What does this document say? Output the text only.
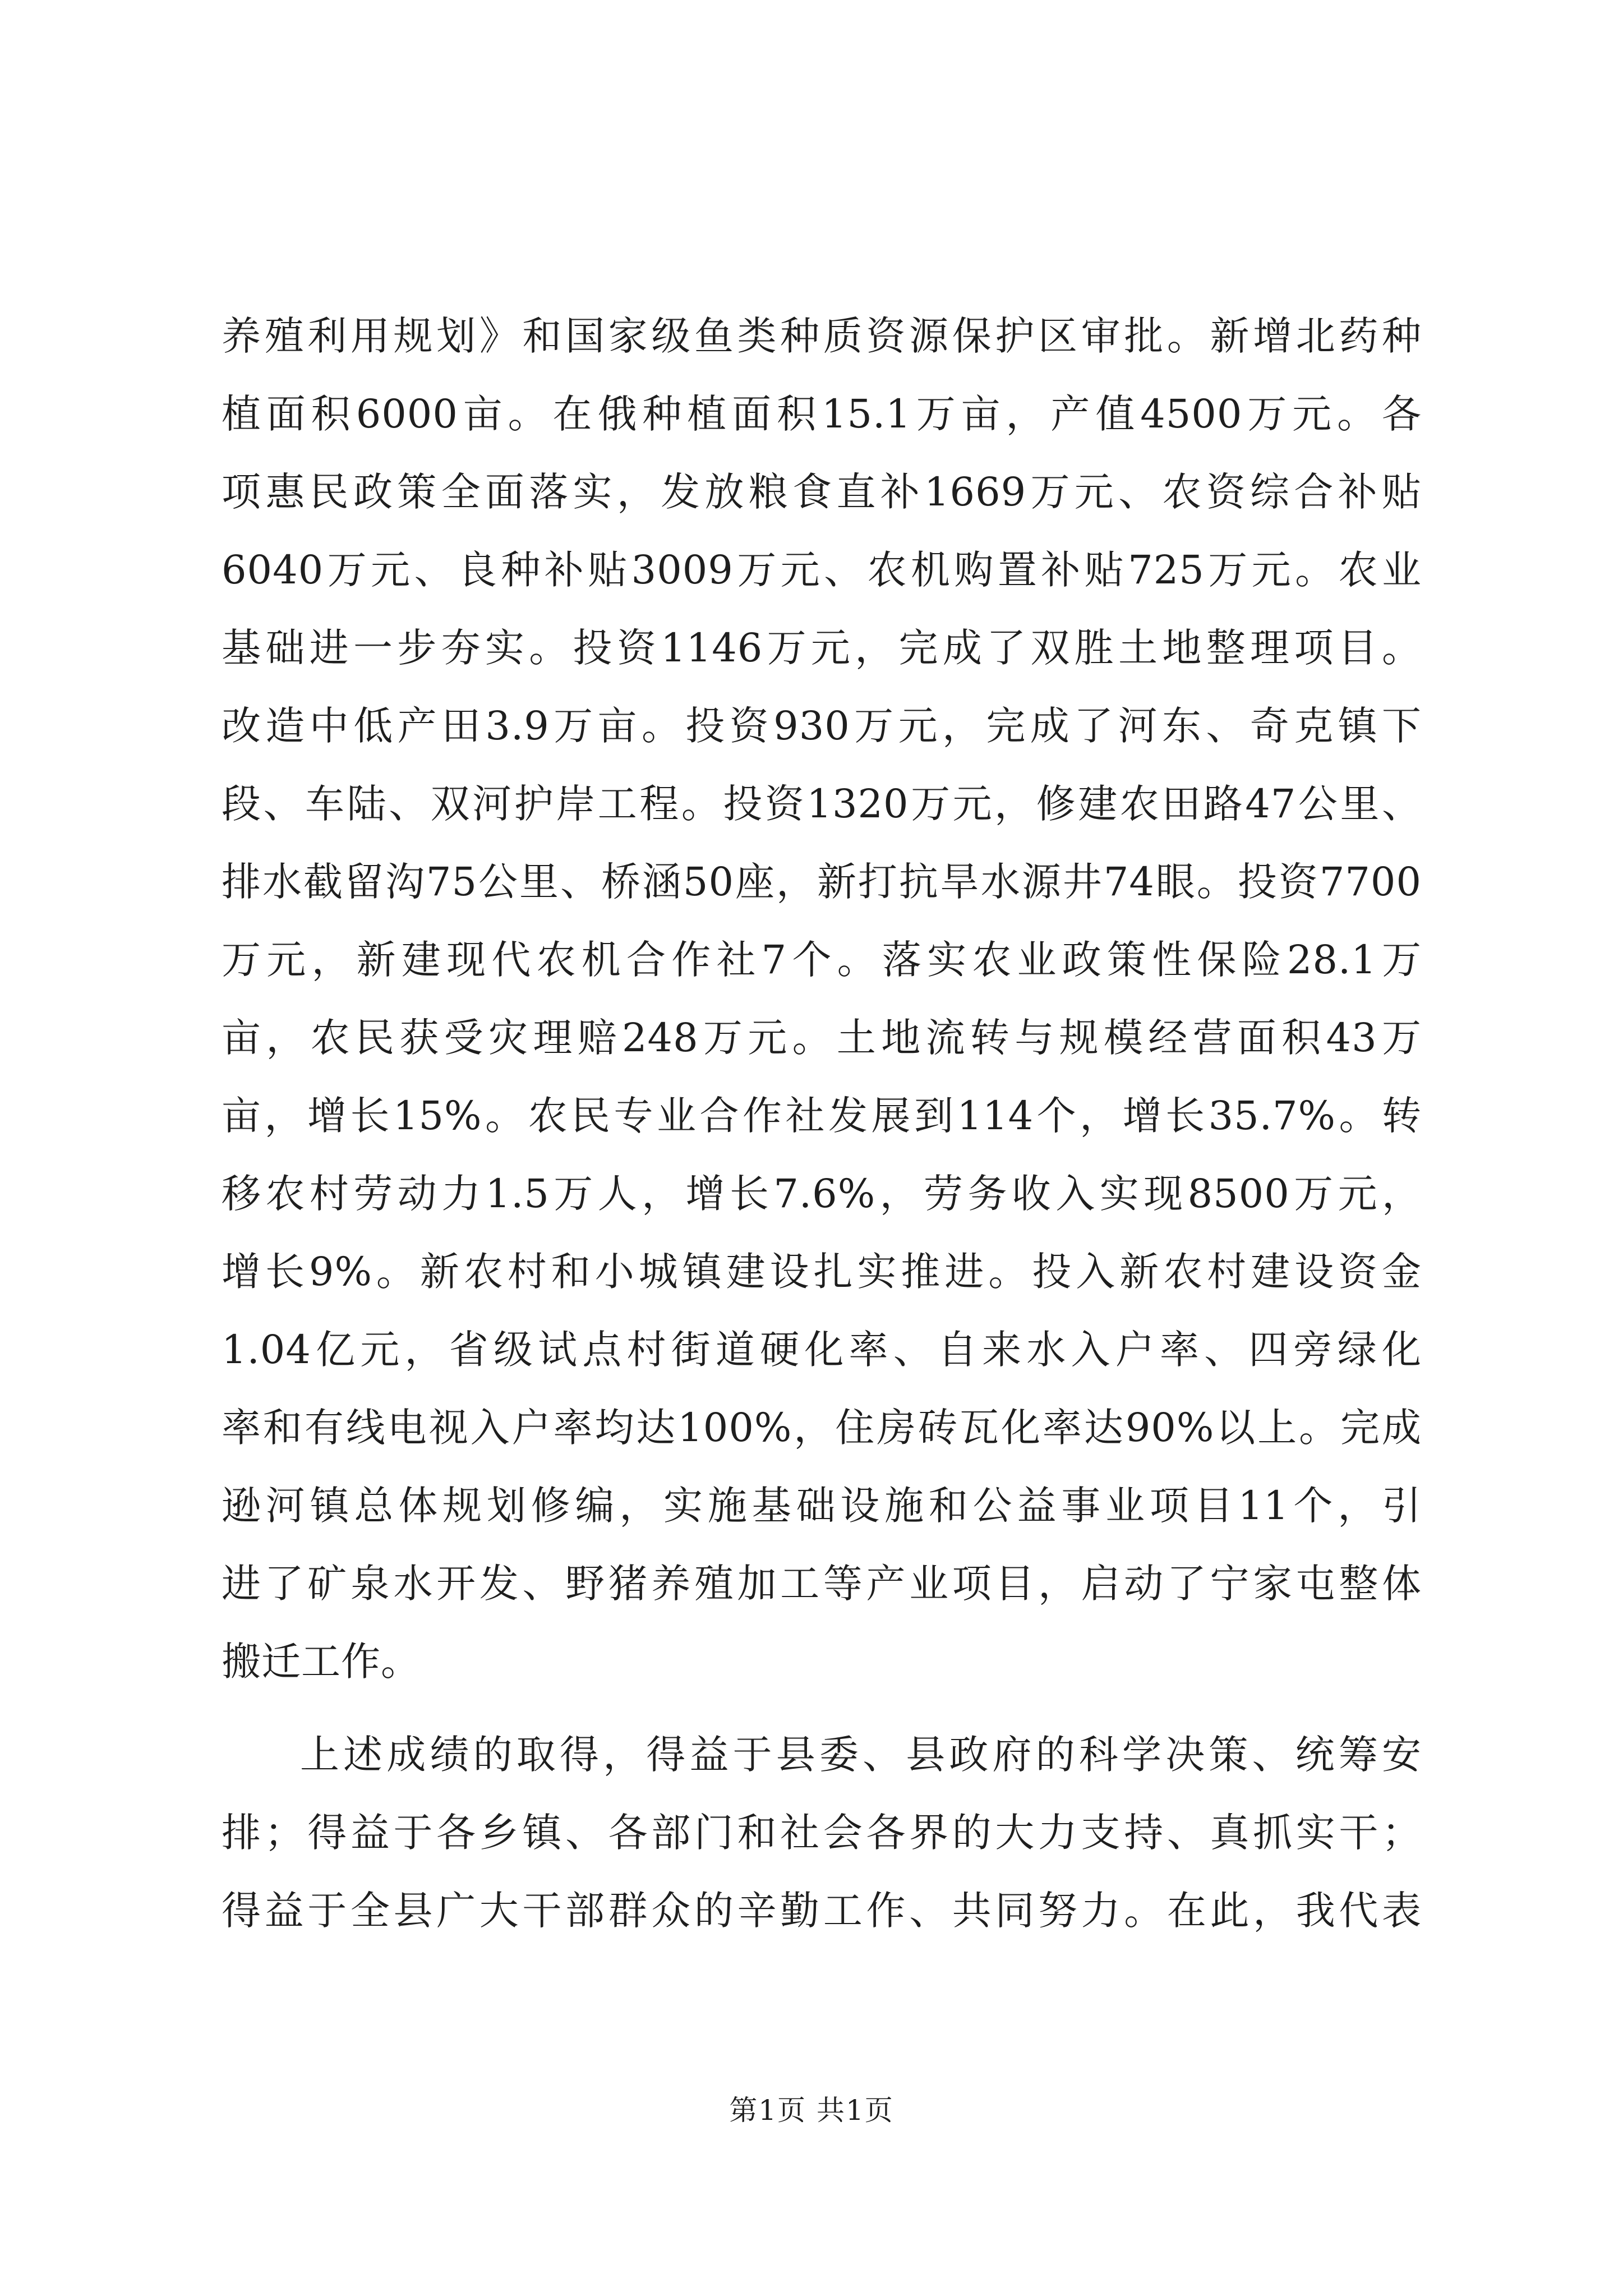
养殖利用规划》和国家级鱼类种质资源保护区审批。新增北药种
植面积6000亩。在俄种植面积15.1万亩，产值4500万元。各
项惠民政策全面落实，发放粮食直补1669万元、农资综合补贴
6040万元、良种补贴3009万元、农机购置补贴725万元。农业
基础进一步夯实。投资1146万元，完成了双胜土地整理项目。
改造中低产田3.9万亩。投资930万元，完成了河东、奇克镇下
段、车陆、双河护岸工程。投资1320万元，修建农田路47公里、
排水截留沟75公里、桥涵50座，新打抗旱水源井74眼。投资7700
万元，新建现代农机合作社7个。落实农业政策性保险28.1万
亩，农民获受灾理赔248万元。土地流转与规模经营面积43万
亩，增长15%。农民专业合作社发展到114个，增长35.7%。转
移农村劳动力1.5万人，增长7.6%，劳务收入实现8500万元，
增长9%。新农村和小城镇建设扎实推进。投入新农村建设资金
1.04亿元，省级试点村街道硬化率、自来水入户率、四旁绿化
率和有线电视入户率均达100%，住房砖瓦化率达90%以上。完成
逊河镇总体规划修编，实施基础设施和公益事业项目11个，引
进了矿泉水开发、野猪养殖加工等产业项目，启动了宁家屯整体
搬迁工作。
上述成绩的取得，得益于县委、县政府的科学决策、统筹安
排；得益于各乡镇、各部门和社会各界的大力支持、真抓实干；
得益于全县广大干部群众的辛勤工作、共同努力。在此，我代表
第1页 共1页
